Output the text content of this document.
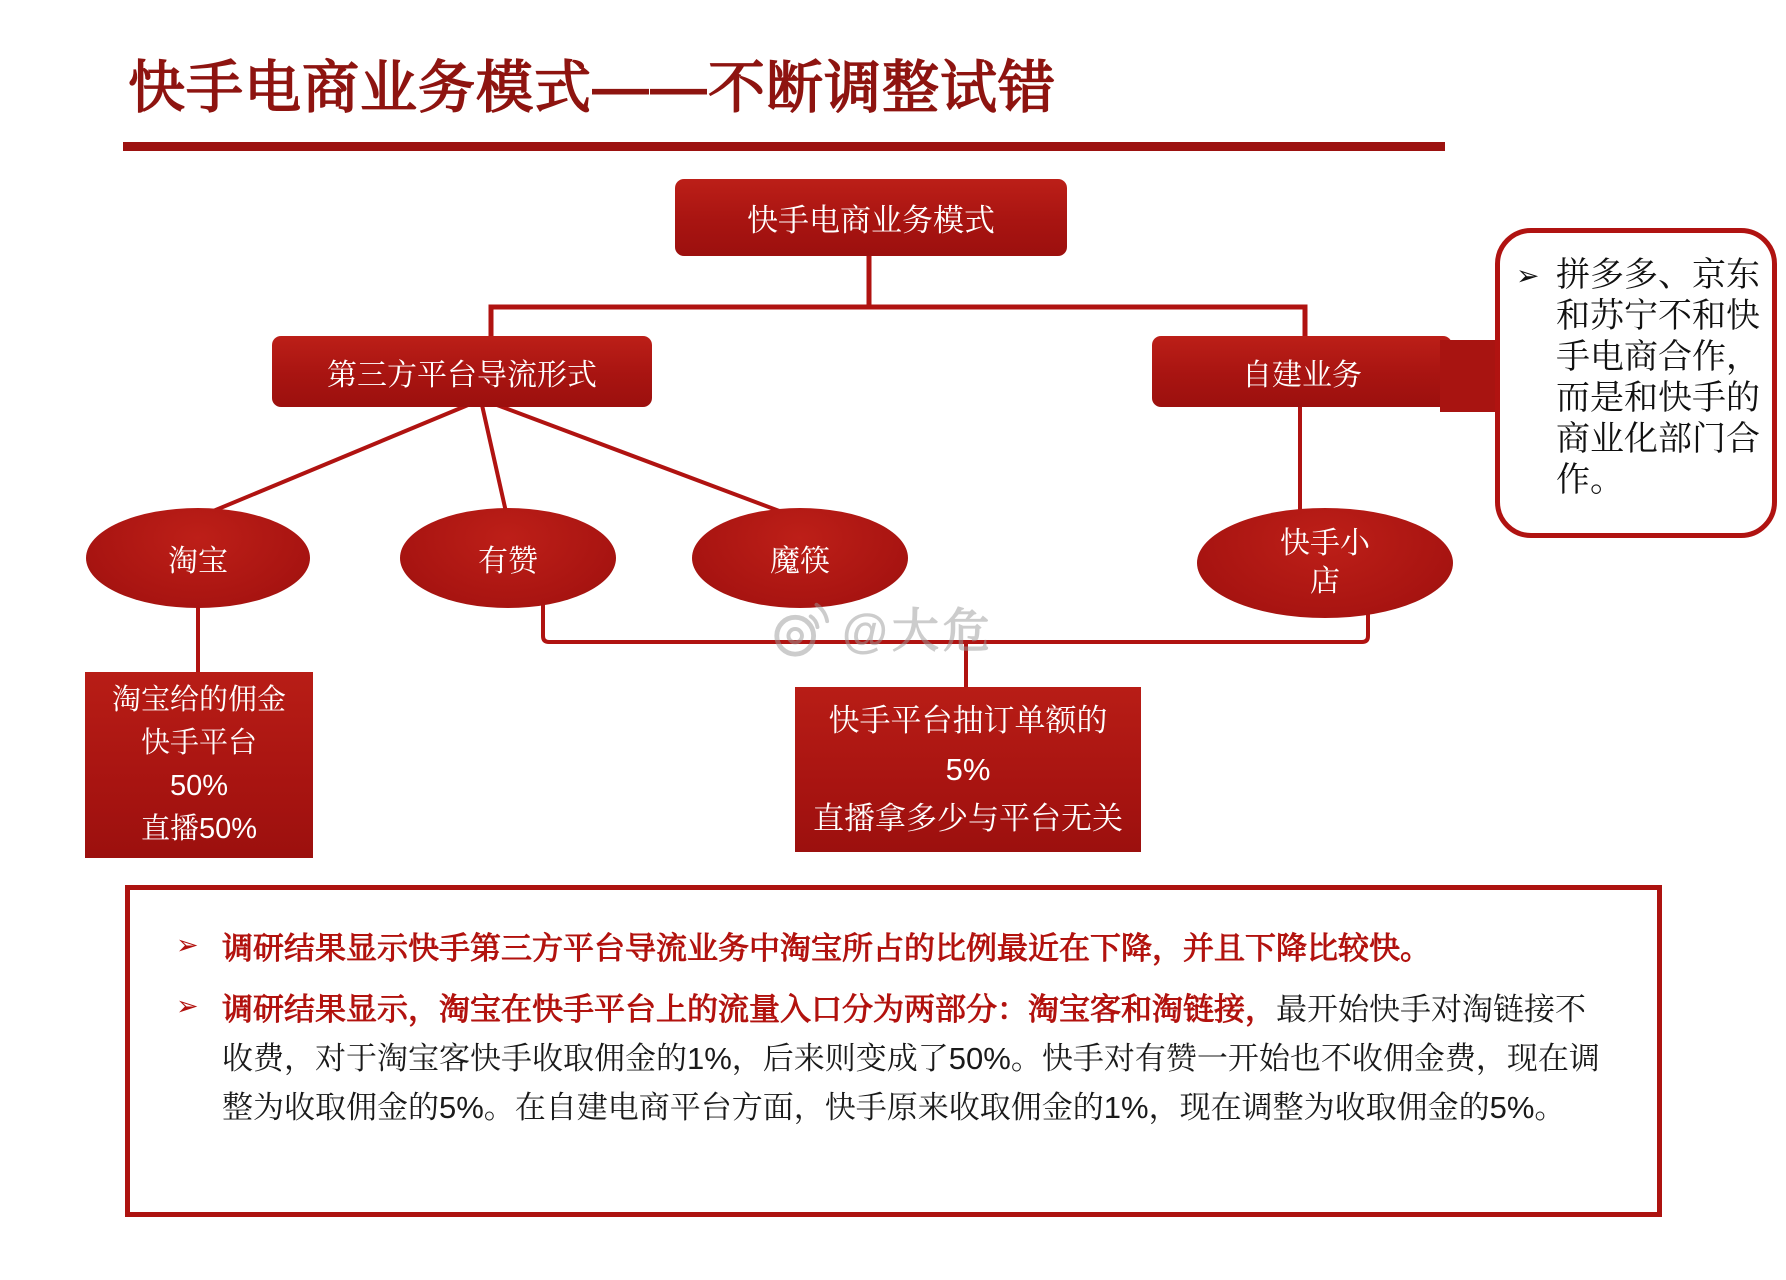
快手电商业务模式——不断调整试错
快手电商业务模式
第三方平台导流形式	自建业务
淘宝	有赞	魔筷
快手小店
淘宝给的佣金
快手平台
50%
直播50%
快手平台抽订单额的
5%
直播拿多少与平台无关
➢ 拼多多、京东和苏宁不和快手电商合作，而是和快手的商业化部门合作。
@大危
➢ 调研结果显示快手第三方平台导流业务中淘宝所占的比例最近在下降，并且下降比较快。
➢ 调研结果显示，淘宝在快手平台上的流量入口分为两部分：淘宝客和淘链接，最开始快手对淘链接不收费，对于淘宝客快手收取佣金的1%，后来则变成了50%。快手对有赞一开始也不收佣金费，现在调整为收取佣金的5%。在自建电商平台方面，快手原来收取佣金的1%，现在调整为收取佣金的5%。
